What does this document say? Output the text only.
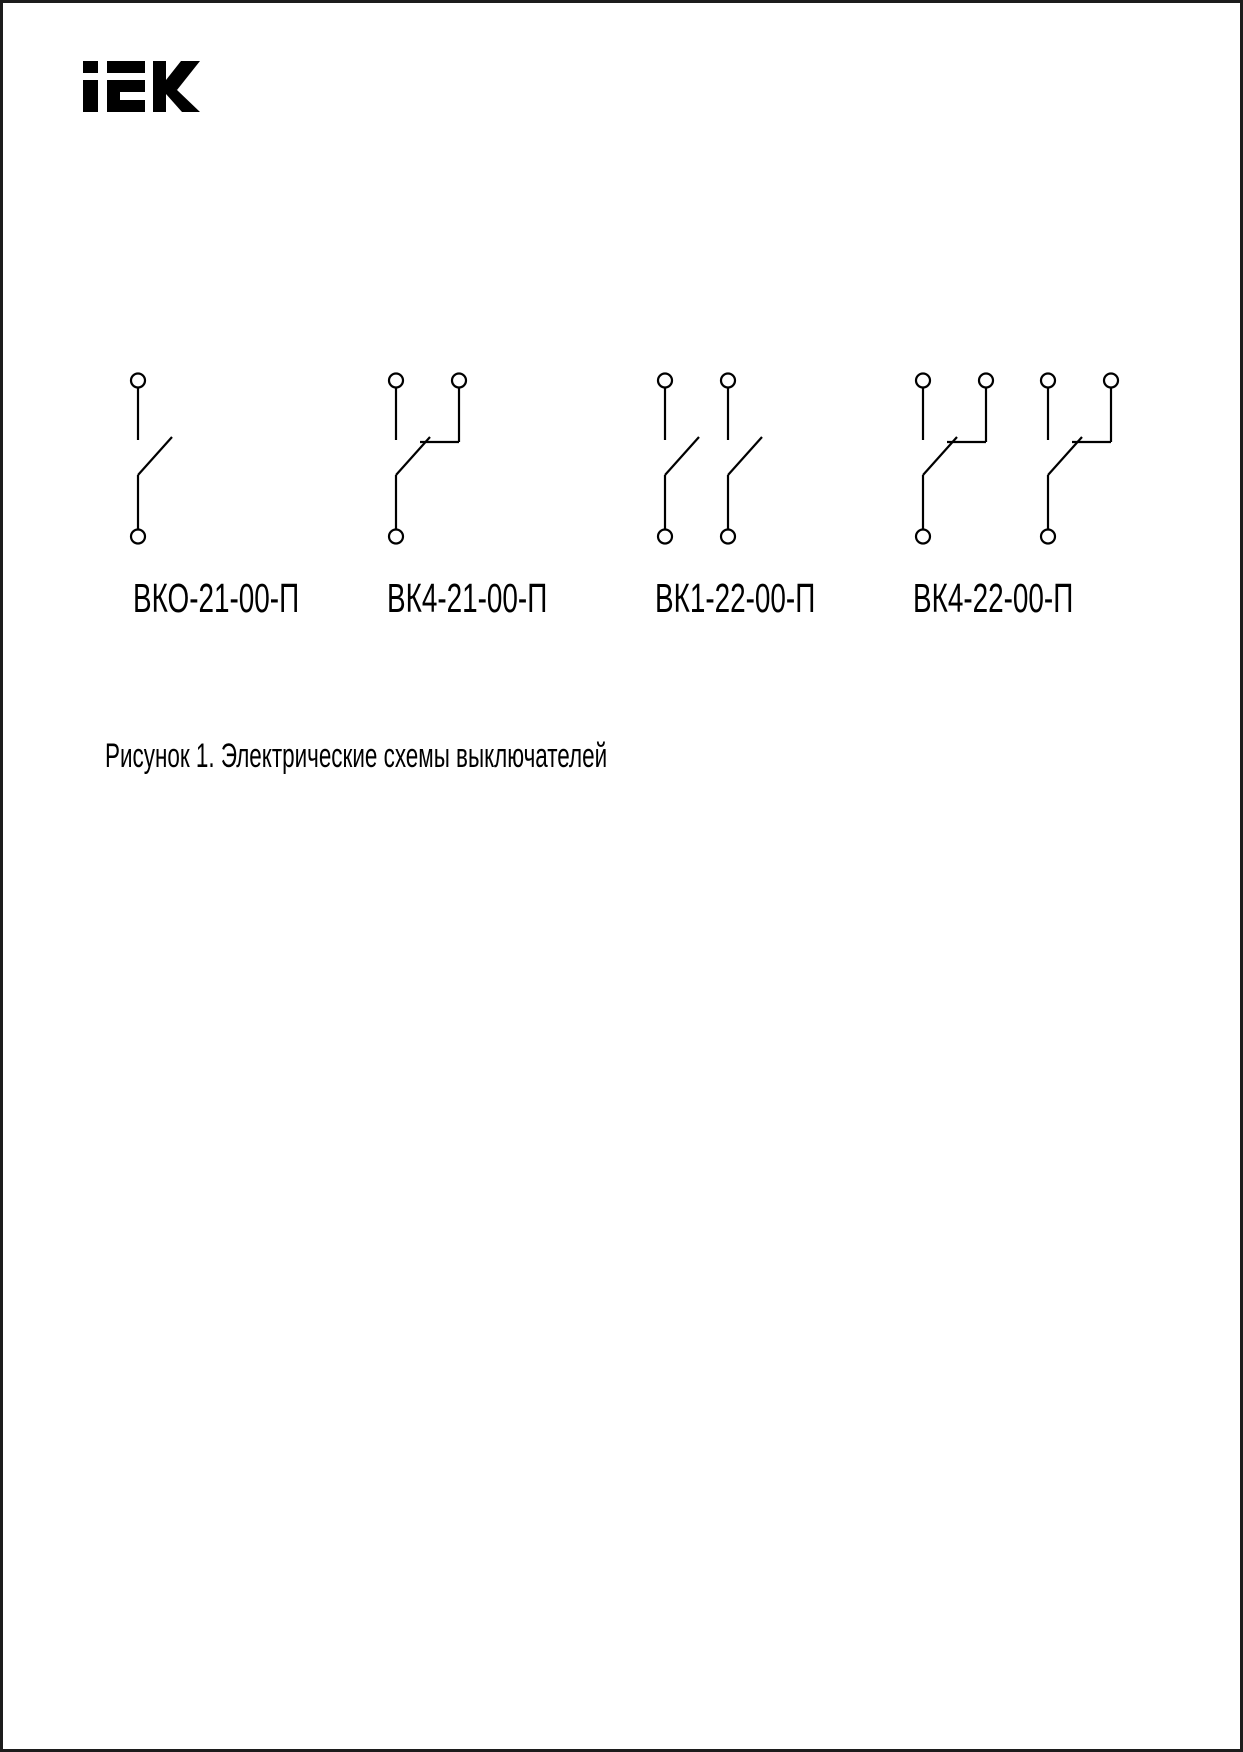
ВКО-21-00-П ВК4-21-00-П	ВК1-22-00-П ВК4-22-00-П
Рисунок 1. Электрические схемы выключателей
